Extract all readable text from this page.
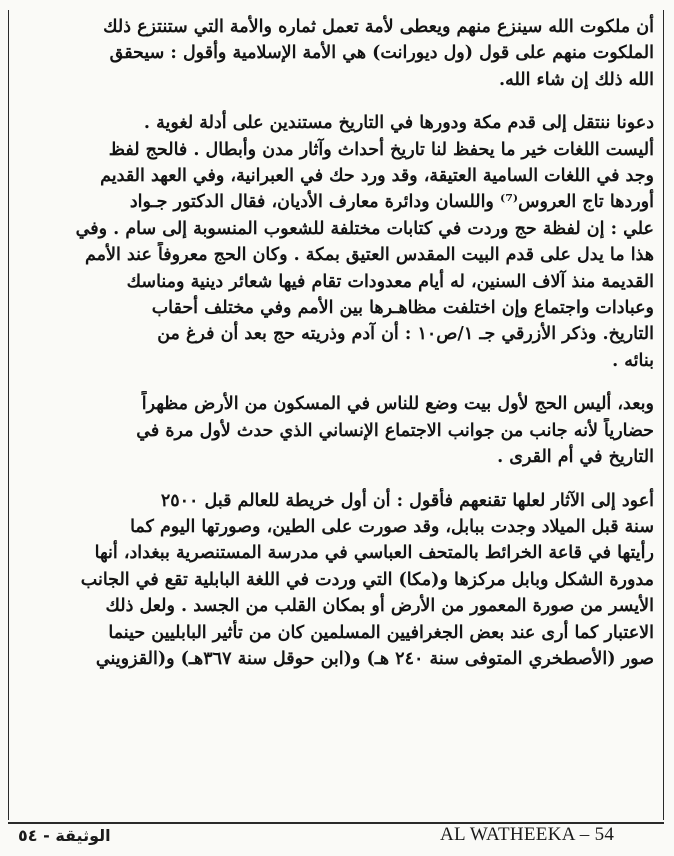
أن ملكوت الله سينزع منهم ويعطى لأمة تعمل ثماره والأمة التي ستنتزع ذلك
الملكوت منهم على قول (ول ديورانت) هي الأمة الإسلامية وأقول : سيحقق
الله ذلك إن شاء الله.
دعونا ننتقل إلى قدم مكة ودورها في التاريخ مستندين على أدلة لغوية .
أليست اللغات خير ما يحفظ لنا تاريخ أحداث وآثار مدن وأبطال . فالحج لفظ
وجد في اللغات السامية العتيقة، وقد ورد حك في العبرانية، وفي العهد القديم
أوردها تاج العروس⁽⁷⁾ واللسان ودائرة معارف الأديان، فقال الدكتور جـواد
علي : إن لفظة حج وردت في كتابات مختلفة للشعوب المنسوبة إلى سام . وفي
هذا ما يدل على قدم البيت المقدس العتيق بمكة . وكان الحج معروفاً عند الأمم
القديمة منذ آلاف السنين، له أيام معدودات تقام فيها شعائر دينية ومناسك
وعبادات واجتماع وإن اختلفت مظاهـرها بين الأمم وفي مختلف أحقاب
التاريخ. وذكر الأزرقي جـ ١/ص١٠ : أن آدم وذريته حج بعد أن فرغ من
بنائه .
وبعد، أليس الحج لأول بيت وضع للناس في المسكون من الأرض مظهراً
حضارياً لأنه جانب من جوانب الاجتماع الإنساني الذي حدث لأول مرة في
التاريخ في أم القرى .
أعود إلى الآثار لعلها تقنعهم فأقول : أن أول خريطة للعالم قبل ٢٥٠٠
سنة قبل الميلاد وجدت ببابل، وقد صورت على الطين، وصورتها اليوم كما
رأيتها في قاعة الخرائط بالمتحف العباسي في مدرسة المستنصرية ببغداد، أنها
مدورة الشكل وبابل مركزها و(مكا) التي وردت في اللغة البابلية تقع في الجانب
الأيسر من صورة المعمور من الأرض أو بمكان القلب من الجسد . ولعل ذلك
الاعتبار كما أرى عند بعض الجغرافيين المسلمين كان من تأثير البابليين حينما
صور (الأصطخري المتوفى سنة ٢٤٠ هـ) و(ابن حوقل سنة ٣٦٧هـ) و(القزويني
AL WATHEEKA – 54
الوثيقة - ٥٤
